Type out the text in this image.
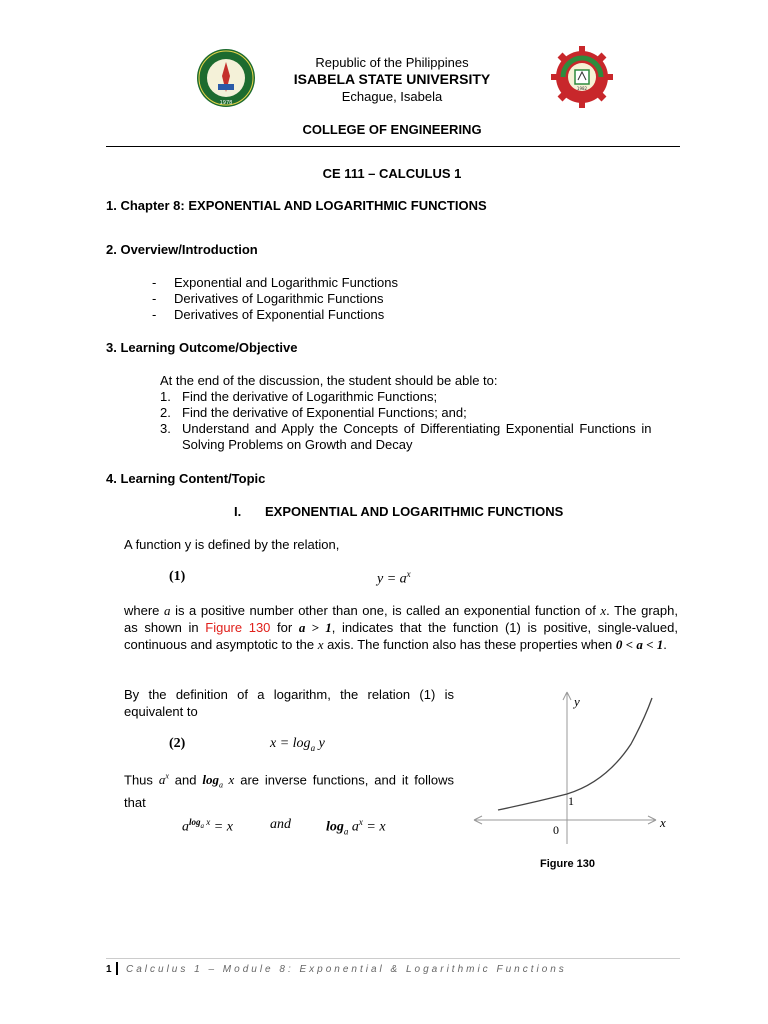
1978
1982
Republic of the Philippines
ISABELA STATE UNIVERSITY
Echague, Isabela
COLLEGE OF ENGINEERING
CE 111 – CALCULUS 1
1. Chapter 8: EXPONENTIAL AND LOGARITHMIC FUNCTIONS
2. Overview/Introduction
- Exponential and Logarithmic Functions
- Derivatives of Logarithmic Functions
- Derivatives of Exponential Functions
3. Learning Outcome/Objective
At the end of the discussion, the student should be able to:
1. Find the derivative of Logarithmic Functions;
2. Find the derivative of Exponential Functions; and;
3. Understand and Apply the Concepts of Differentiating Exponential Functions in
Solving Problems on Growth and Decay
4. Learning Content/Topic
I. EXPONENTIAL AND LOGARITHMIC FUNCTIONS
A function y is defined by the relation,
(1)	$y = a^x$
where a is a positive number other than one, is called an exponential function of x. The graph, as shown in Figure 130 for a > 1, indicates that the function (1) is positive, single-valued, continuous and asymptotic to the x axis. The function also has these properties when 0 < a < 1.
By the definition of a logarithm, the relation (1) is equivalent to
(2)	$x = \log_a y$
Thus $a^x$ and $\log_a x$ are inverse functions, and it follows that
$a^{log_a x} = x$	and	$\log_a a^x = x$
y
x
1
0
Figure 130
1 Calculus 1 – Module 8: Exponential & Logarithmic Functions
